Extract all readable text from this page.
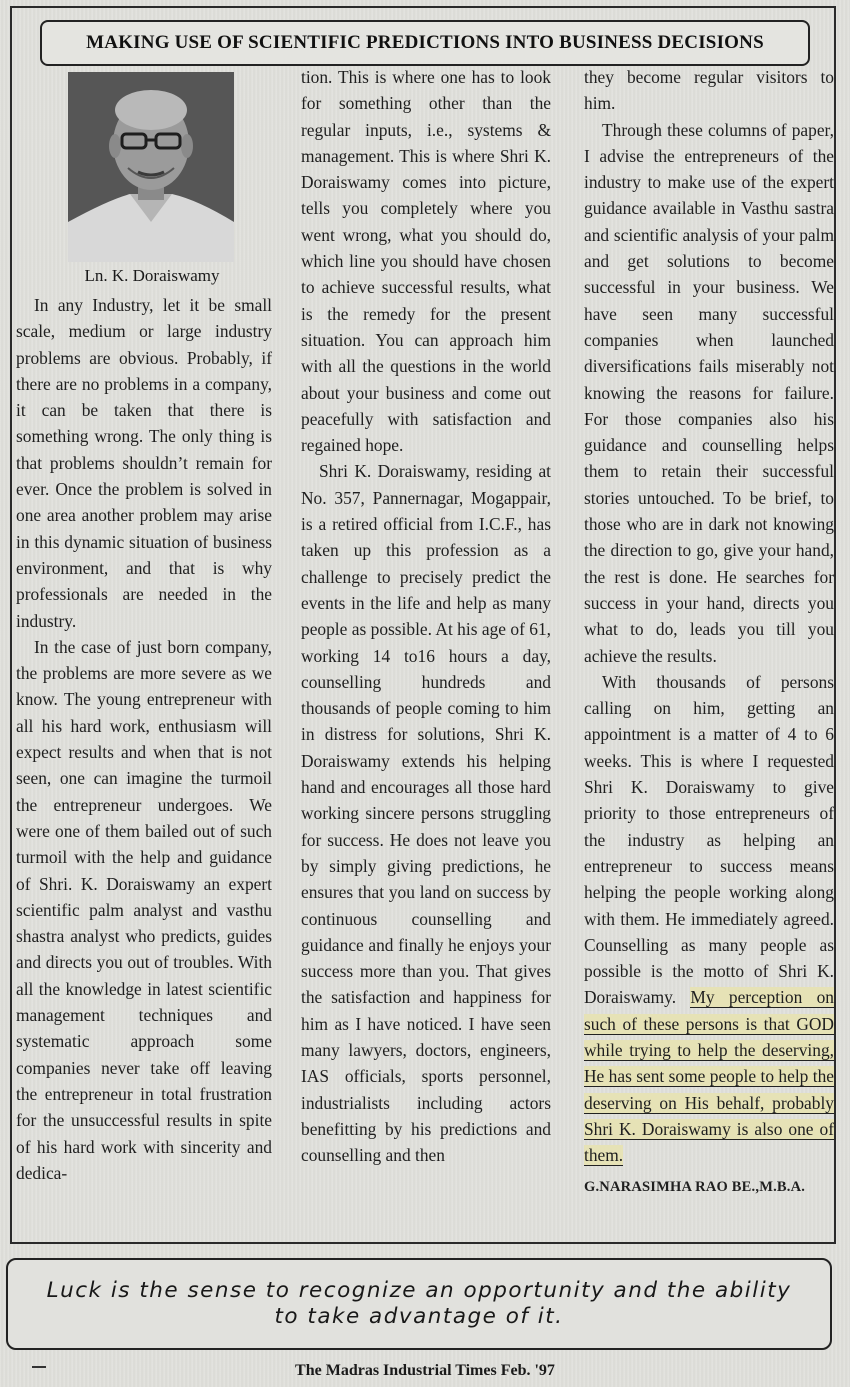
MAKING USE OF SCIENTIFIC PREDICTIONS INTO BUSINESS DECISIONS
Ln. K. Doraiswamy

In any Industry, let it be small scale, medium or large industry problems are obvious. Probably, if there are no problems in a company, it can be taken that there is something wrong. The only thing is that problems shouldn’t remain for ever. Once the problem is solved in one area another problem may arise in this dynamic situation of business environment, and that is why professionals are needed in the industry.

In the case of just born company, the problems are more severe as we know. The young entrepreneur with all his hard work, enthusiasm will expect results and when that is not seen, one can imagine the turmoil the entrepreneur undergoes. We were one of them bailed out of such turmoil with the help and guidance of Shri. K. Doraiswamy an expert scientific palm analyst and vasthu shastra analyst who predicts, guides and directs you out of troubles. With all the knowledge in latest scientific management techniques and systematic approach some companies never take off leaving the entrepreneur in total frustration for the unsuccessful results in spite of his hard work with sincerity and dedica-

tion. This is where one has to look for something other than the regular inputs, i.e., systems & management. This is where Shri K. Doraiswamy comes into picture, tells you completely where you went wrong, what you should do, which line you should have chosen to achieve successful results, what is the remedy for the present situation. You can approach him with all the questions in the world about your business and come out peacefully with satisfaction and regained hope.

Shri K. Doraiswamy, residing at No. 357, Pannernagar, Mogappair, is a retired official from I.C.F., has taken up this profession as a challenge to precisely predict the events in the life and help as many people as possible. At his age of 61, working 14 to16 hours a day, counselling hundreds and thousands of people coming to him in distress for solutions, Shri K. Doraiswamy extends his helping hand and encourages all those hard working sincere persons struggling for success. He does not leave you by simply giving predictions, he ensures that you land on success by continuous counselling and guidance and finally he enjoys your success more than you. That gives the satisfaction and happiness for him as I have noticed. I have seen many lawyers, doctors, engineers, IAS officials, sports personnel, industrialists including actors benefitting by his predictions and counselling and then

they become regular visitors to him.

Through these columns of paper, I advise the entrepreneurs of the industry to make use of the expert guidance available in Vasthu sastra and scientific analysis of your palm and get solutions to become successful in your business. We have seen many successful companies when launched diversifications fails miserably not knowing the reasons for failure. For those companies also his guidance and counselling helps them to retain their successful stories untouched. To be brief, to those who are in dark not knowing the direction to go, give your hand, the rest is done. He searches for success in your hand, directs you what to do, leads you till you achieve the results.

With thousands of persons calling on him, getting an appointment is a matter of 4 to 6 weeks. This is where I requested Shri K. Doraiswamy to give priority to those entrepreneurs of the industry as helping an entrepreneur to success means helping the people working along with them. He immediately agreed. Counselling as many people as possible is the motto of Shri K. Doraiswamy. My perception on such of these persons is that GOD while trying to help the deserving, He has sent some people to help the deserving on His behalf, probably Shri K. Doraiswamy is also one of them.

G.NARASIMHA RAO BE.,M.B.A.
Luck is the sense to recognize an opportunity and the ability to take advantage of it.
The Madras Industrial Times Feb. '97
